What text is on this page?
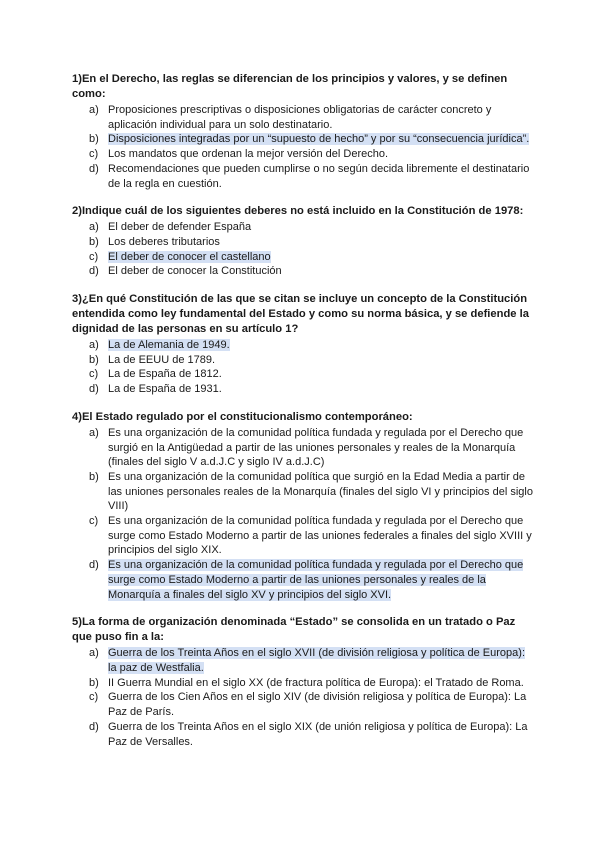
1)En el Derecho, las reglas se diferencian de los principios y valores, y se definen como:
a) Proposiciones prescriptivas o disposiciones obligatorias de carácter concreto y aplicación individual para un solo destinatario.
b) Disposiciones integradas por un “supuesto de hecho” y por su “consecuencia jurídica”.
c) Los mandatos que ordenan la mejor versión del Derecho.
d) Recomendaciones que pueden cumplirse o no según decida libremente el destinatario de la regla en cuestión.
2)Indique cuál de los siguientes deberes no está incluido en la Constitución de 1978:
a) El deber de defender España
b) Los deberes tributarios
c) El deber de conocer el castellano
d) El deber de conocer la Constitución
3)¿En qué Constitución de las que se citan se incluye un concepto de la Constitución entendida como ley fundamental del Estado y como su norma básica, y se defiende la dignidad de las personas en su artículo 1?
a) La de Alemania de 1949.
b) La de EEUU de 1789.
c) La de España de 1812.
d) La de España de 1931.
4)El Estado regulado por el constitucionalismo contemporáneo:
a) Es una organización de la comunidad política fundada y regulada por el Derecho que surgió en la Antigüedad a partir de las uniones personales y reales de la Monarquía (finales del siglo V a.d.J.C y siglo IV a.d.J.C)
b) Es una organización de la comunidad política que surgió en la Edad Media a partir de las uniones personales reales de la Monarquía (finales del siglo VI y principios del siglo VIII)
c) Es una organización de la comunidad política fundada y regulada por el Derecho que surge como Estado Moderno a partir de las uniones federales a finales del siglo XVIII y principios del siglo XIX.
d) Es una organización de la comunidad política fundada y regulada por el Derecho que surge como Estado Moderno a partir de las uniones personales y reales de la Monarquía a finales del siglo XV y principios del siglo XVI.
5)La forma de organización denominada “Estado” se consolida en un tratado o Paz que puso fin a la:
a) Guerra de los Treinta Años en el siglo XVII (de división religiosa y política de Europa): la paz de Westfalia.
b) II Guerra Mundial en el siglo XX (de fractura política de Europa): el Tratado de Roma.
c) Guerra de los Cien Años en el siglo XIV (de división religiosa y política de Europa): La Paz de París.
d) Guerra de los Treinta Años en el siglo XIX (de unión religiosa y política de Europa): La Paz de Versalles.
